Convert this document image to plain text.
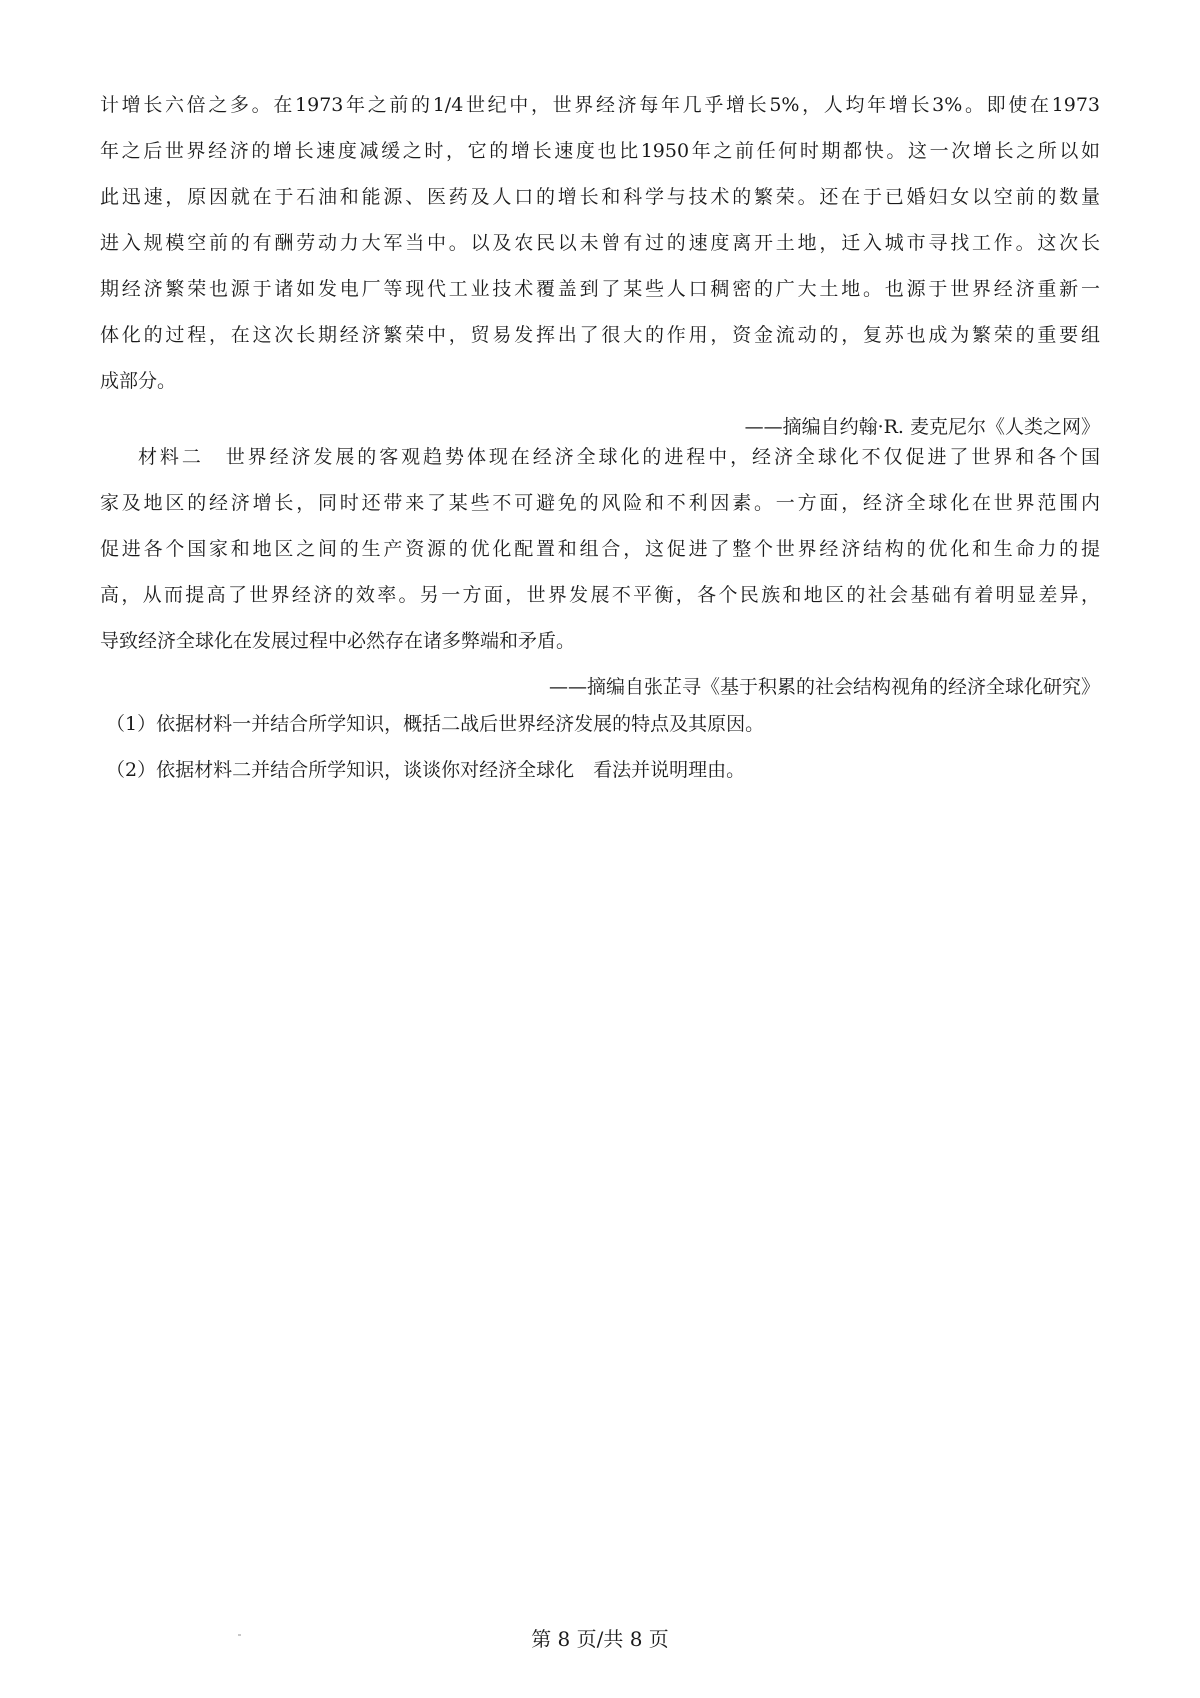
计增长六倍之多。在1973年之前的1/4世纪中，世界经济每年几乎增长5%，人均年增长3%。即使在1973
年之后世界经济的增长速度减缓之时，它的增长速度也比1950年之前任何时期都快。这一次增长之所以如
此迅速，原因就在于石油和能源、医药及人口的增长和科学与技术的繁荣。还在于已婚妇女以空前的数量
进入规模空前的有酬劳动力大军当中。以及农民以未曾有过的速度离开土地，迁入城市寻找工作。这次长
期经济繁荣也源于诸如发电厂等现代工业技术覆盖到了某些人口稠密的广大土地。也源于世界经济重新一
体化的过程，在这次长期经济繁荣中，贸易发挥出了很大的作用，资金流动的，复苏也成为繁荣的重要组
成部分。
——摘编自约翰·R. 麦克尼尔《人类之网》
材料二　世界经济发展的客观趋势体现在经济全球化的进程中，经济全球化不仅促进了世界和各个国
家及地区的经济增长，同时还带来了某些不可避免的风险和不利因素。一方面，经济全球化在世界范围内
促进各个国家和地区之间的生产资源的优化配置和组合，这促进了整个世界经济结构的优化和生命力的提
高，从而提高了世界经济的效率。另一方面，世界发展不平衡，各个民族和地区的社会基础有着明显差异，
导致经济全球化在发展过程中必然存在诸多弊端和矛盾。
——摘编自张芷寻《基于积累的社会结构视角的经济全球化研究》
（1）依据材料一并结合所学知识，概括二战后世界经济发展的特点及其原因。
（2）依据材料二并结合所学知识，谈谈你对经济全球化　看法并说明理由。
第 8 页/共 8 页
